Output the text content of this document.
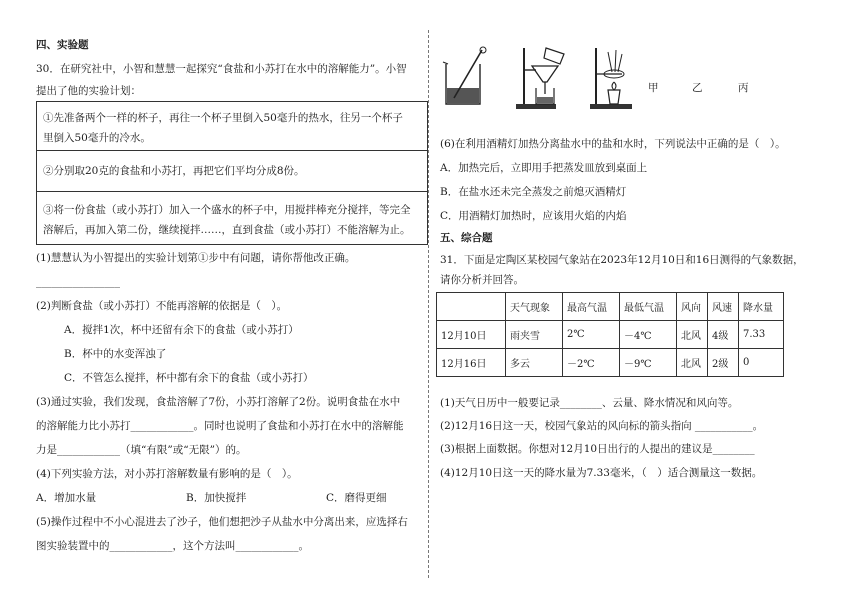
四、实验题
30．在研究社中，小智和慧慧一起探究“食盐和小苏打在水中的溶解能力”。小智
提出了他的实验计划：
①先准备两个一样的杯子，再往一个杯子里倒入50毫升的热水，往另一个杯子
里倒入50毫升的冷水。
②分别取20克的食盐和小苏打，再把它们平均分成8份。
③将一份食盐（或小苏打）加入一个盛水的杯子中，用搅拌棒充分搅拌，等完全
溶解后，再加入第二份，继续搅拌……，直到食盐（或小苏打）不能溶解为止。
(1)慧慧认为小智提出的实验计划第①步中有问题，请你帮他改正确。
________________
(2)判断食盐（或小苏打）不能再溶解的依据是（　）。
A．搅拌1次，杯中还留有余下的食盐（或小苏打）
B．杯中的水变浑浊了
C．不管怎么搅拌，杯中都有余下的食盐（或小苏打）
(3)通过实验，我们发现，食盐溶解了7份，小苏打溶解了2份。说明食盐在水中
的溶解能力比小苏打____________。同时也说明了食盐和小苏打在水中的溶解能
力是____________（填“有限”或“无限”）的。
(4)下列实验方法，对小苏打溶解数量有影响的是（　）。
A．增加水量	B．加快搅拌	C．磨得更细
(5)操作过程中不小心混进去了沙子，他们想把沙子从盐水中分离出来，应选择右
图实验装置中的____________，这个方法叫____________。
甲	乙	丙
(6)在利用酒精灯加热分离盐水中的盐和水时，下列说法中正确的是（　）。
A．加热完后，立即用手把蒸发皿放到桌面上
B．在盐水还未完全蒸发之前熄灭酒精灯
C．用酒精灯加热时，应该用火焰的内焰
五、综合题
31．下面是定陶区某校园气象站在2023年12月10日和16日测得的气象数据，
请你分析并回答。
	天气现象	最高气温	最低气温	风向	风速	降水量
12月10日	雨夹雪	2℃	－4℃	北风	4级	7.33
12月16日	多云	－2℃	－9℃	北风	2级	0
(1)天气日历中一般要记录________、云量、降水情况和风向等。
(2)12月16日这一天，校园气象站的风向标的箭头指向 ___________。
(3)根据上面数据。你想对12月10日出行的人提出的建议是________
(4)12月10日这一天的降水量为7.33毫米，（　）适合测量这一数据。
